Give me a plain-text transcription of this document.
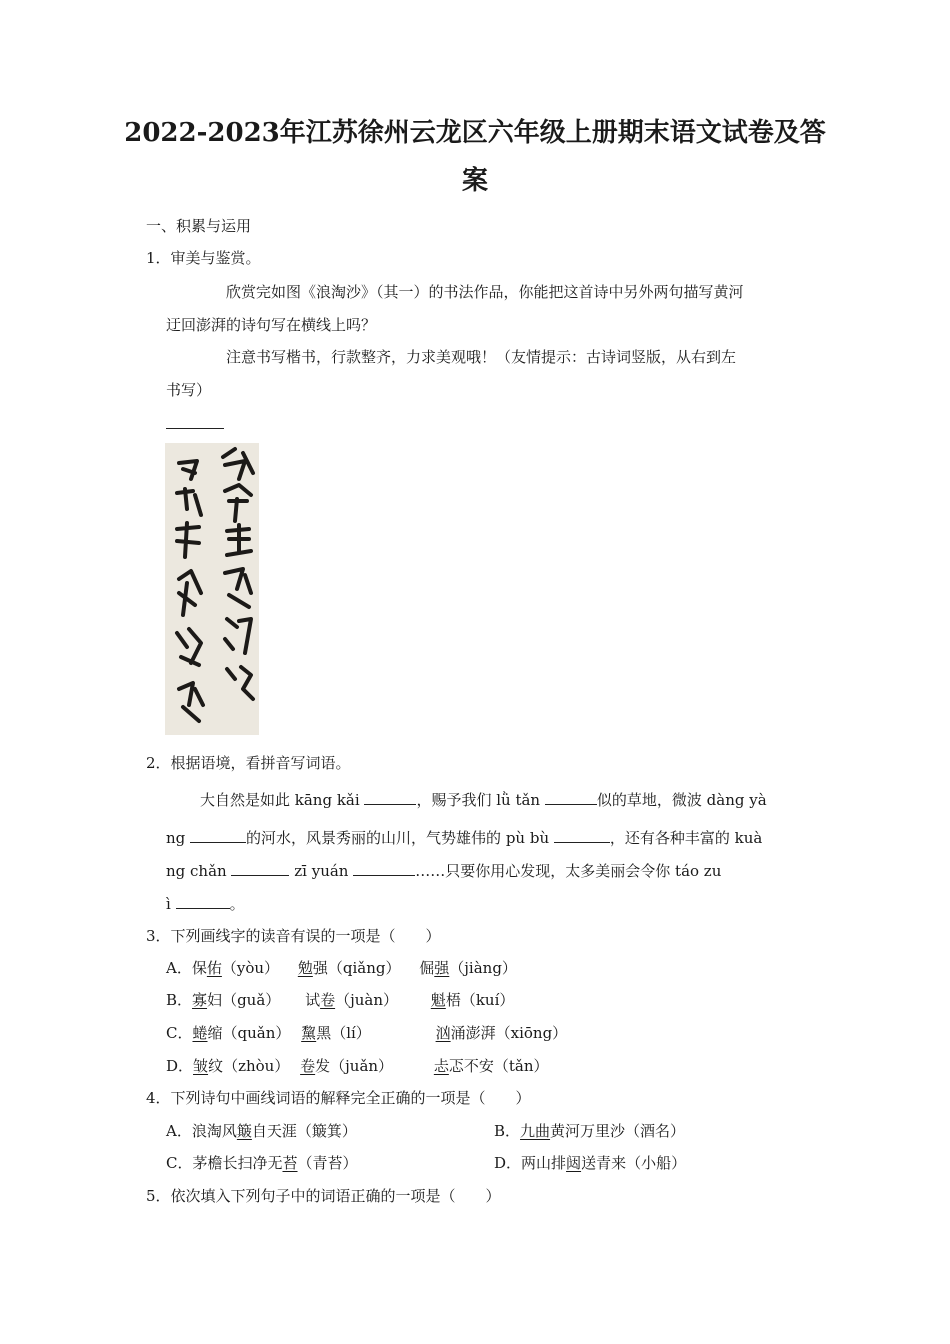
2022-2023年江苏徐州云龙区六年级上册期末语文试卷及答
案
一、积累与运用
1．审美与鉴赏。
欣赏完如图《浪淘沙》（其一）的书法作品，你能把这首诗中另外两句描写黄河
迂回澎湃的诗句写在横线上吗？
注意书写楷书，行款整齐，力求美观哦！（友情提示：古诗词竖版，从右到左
书写）
2．根据语境，看拼音写词语。
大自然是如此 kāng kǎi	，赐予我们 lǜ tǎn	似的草地，微波 dàng yà
ng	的河水，风景秀丽的山川，气势雄伟的 pù bù	，还有各种丰富的 kuà
ng chǎn	zī yuán	……只要你用心发现，太多美丽会令你 táo zu
ì	。
3．下列画线字的读音有误的一项是（　　）
A．保佑（yòu） 勉强（qiǎng） 倔强（jiàng）
B．寡妇（guǎ） 试卷（juàn） 魁梧（kuí）
C．蜷缩（quǎn） 黧黑（lí）	汹涌澎湃（xiōng）
D．皱纹（zhòu） 卷发（juǎn）	忐忑不安（tǎn）
4．下列诗句中画线词语的解释完全正确的一项是（　　）
A．浪淘风簸自天涯（簸箕）	B．九曲黄河万里沙（酒名）
C．茅檐长扫净无苔（青苔）	D．两山排闼送青来（小船）
5．依次填入下列句子中的词语正确的一项是（　　）
